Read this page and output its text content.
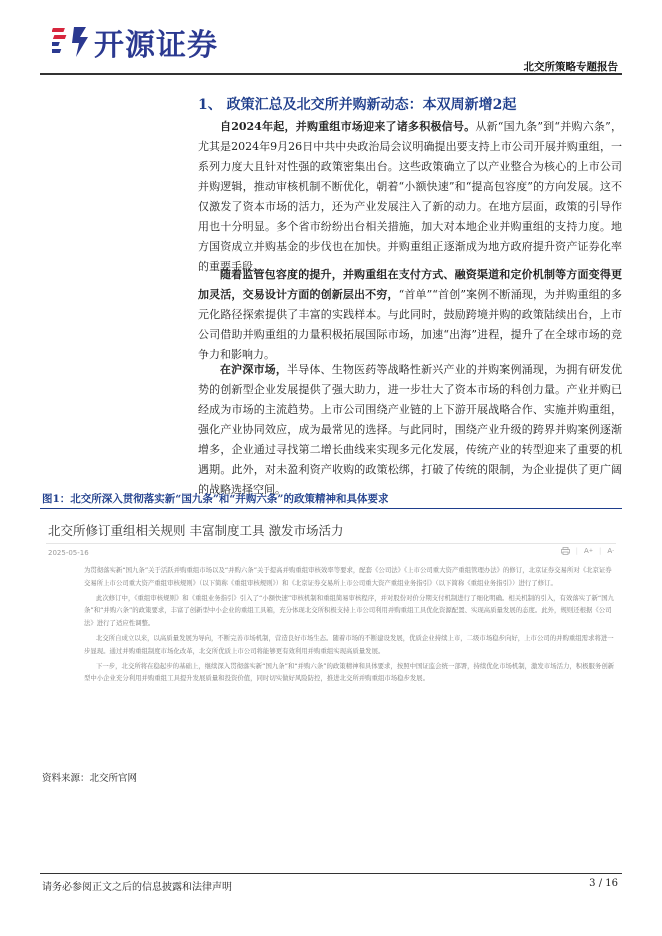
开源证券
北交所策略专题报告
1、 政策汇总及北交所并购新动态：本双周新增2起

自2024年起，并购重组市场迎来了诸多积极信号。从新“国九条”到“并购六条”，尤其是2024年9月26日中共中央政治局会议明确提出要支持上市公司开展并购重组，一系列力度大且针对性强的政策密集出台。这些政策确立了以产业整合为核心的上市公司并购逻辑，推动审核机制不断优化，朝着“小额快速”和“提高包容度”的方向发展。这不仅激发了资本市场的活力，还为产业发展注入了新的动力。在地方层面，政策的引导作用也十分明显。多个省市纷纷出台相关措施，加大对本地企业并购重组的支持力度。地方国资成立并购基金的步伐也在加快。并购重组正逐渐成为地方政府提升资产证券化率的重要手段。

随着监管包容度的提升，并购重组在支付方式、融资渠道和定价机制等方面变得更加灵活，交易设计方面的创新层出不穷，“首单”“首创”案例不断涌现，为并购重组的多元化路径探索提供了丰富的实践样本。与此同时，鼓励跨境并购的政策陆续出台，上市公司借助并购重组的力量积极拓展国际市场，加速“出海”进程，提升了在全球市场的竞争力和影响力。

在沪深市场，半导体、生物医药等战略性新兴产业的并购案例涌现，为拥有研发优势的创新型企业发展提供了强大助力，进一步壮大了资本市场的科创力量。产业并购已经成为市场的主流趋势。上市公司围绕产业链的上下游开展战略合作、实施并购重组，强化产业协同效应，成为最常见的选择。与此同时，围绕产业升级的跨界并购案例逐渐增多，企业通过寻找第二增长曲线来实现多元化发展，传统产业的转型迎来了重要的机遇期。此外，对未盈利资产收购的政策松绑，打破了传统的限制，为企业提供了更广阔的战略选择空间。

图1：北交所深入贯彻落实新“国九条”和“并购六条”的政策精神和具体要求
北交所修订重组相关规则 丰富制度工具 激发市场活力
2025-05-16	| A + | A -

为贯彻落实新“国九条”关于活跃并购重组市场以及“并购六条”关于提高并购重组审核效率等要求，配套《公司法》《上市公司重大资产重组管理办法》的修订，北京证券交易所对《北京证券交易所上市公司重大资产重组审核规则》（以下简称《重组审核规则》）和《北京证券交易所上市公司重大资产重组业务指引》（以下简称《重组业务指引》）进行了修订。

此次修订中，《重组审核规则》和《重组业务指引》引入了“小额快速”审核机制和重组简易审核程序，并对股份对价分期支付机制进行了细化明确。相关机制的引入，有效落实了新“国九条”和“并购六条”的政策要求，丰富了创新型中小企业的重组工具箱，充分体现北交所积极支持上市公司利用并购重组工具优化资源配置、实现高质量发展的态度。此外，规则还根据《公司法》进行了适应性调整。

北交所自成立以来，以高质量发展为导向，不断完善市场机制，营造良好市场生态。随着市场的不断建设发展，优质企业持续上市，二级市场稳步向好，上市公司的并购重组需求将进一步显现。通过并购重组制度市场化改革，北交所优质上市公司将能够更有效利用并购重组实现高质量发展。

下一步，北交所将在稳起步的基础上，继续深入贯彻落实新“国九条”和“并购六条”的政策精神和具体要求，按照中国证监会统一部署，持续优化市场机制，激发市场活力，积极服务创新型中小企业充分利用并购重组工具提升发展质量和投资价值，同时切实做好风险防控，推进北交所并购重组市场稳步发展。

资料来源：北交所官网
请务必参阅正文之后的信息披露和法律声明	3 / 16
